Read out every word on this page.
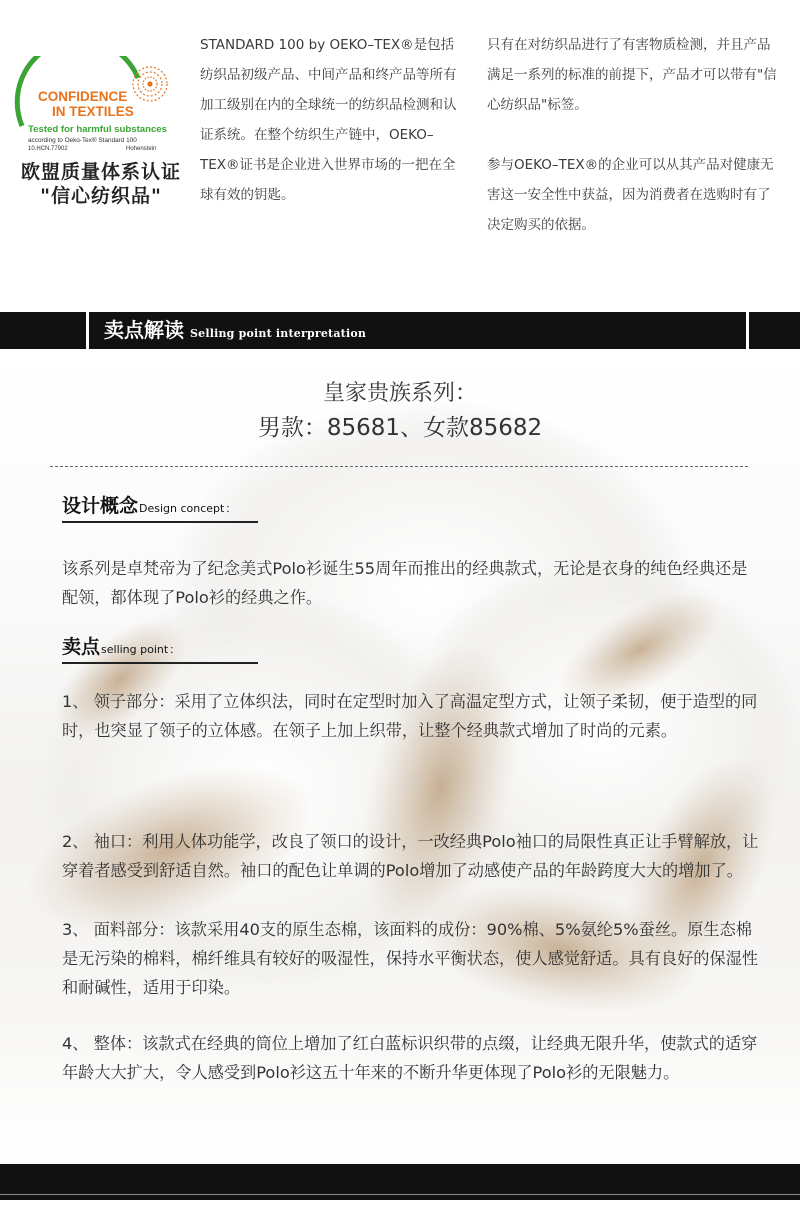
CONFIDENCE
IN TEXTILES
Tested for harmful substances
according to Oeko-Tex® Standard 100
10.HCN.77902	Hohenstein
欧盟质量体系认证
"信心纺织品"
STANDARD 100 by OEKO–TEX®是包括纺织品初级产品、中间产品和终产品等所有加工级别在内的全球统一的纺织品检测和认证系统。在整个纺织生产链中，OEKO–TEX®证书是企业进入世界市场的一把在全球有效的钥匙。

只有在对纺织品进行了有害物质检测，并且产品满足一系列的标准的前提下，产品才可以带有"信心纺织品"标签。

参与OEKO–TEX®的企业可以从其产品对健康无害这一安全性中获益，因为消费者在选购时有了决定购买的依据。

卖点解读 Selling point interpretation
皇家贵族系列：
男款：85681、女款85682
设计概念Design concept：
该系列是卓梵帝为了纪念美式Polo衫诞生55周年而推出的经典款式，无论是衣身的纯色经典还是配领，都体现了Polo衫的经典之作。
卖点selling point：
1、 领子部分：采用了立体织法，同时在定型时加入了高温定型方式，让领子柔韧，便于造型的同时，也突显了领子的立体感。在领子上加上织带，让整个经典款式增加了时尚的元素。
2、 袖口：利用人体功能学，改良了领口的设计，一改经典Polo袖口的局限性真正让手臂解放，让穿着者感受到舒适自然。袖口的配色让单调的Polo增加了动感使产品的年龄跨度大大的增加了。
3、 面料部分：该款采用40支的原生态棉，该面料的成份：90%棉、5%氨纶5%蚕丝。原生态棉是无污染的棉料，棉纤维具有较好的吸湿性，保持水平衡状态，使人感觉舒适。具有良好的保湿性和耐碱性，适用于印染。
4、 整体：该款式在经典的筒位上增加了红白蓝标识织带的点缀，让经典无限升华，使款式的适穿年龄大大扩大，令人感受到Polo衫这五十年来的不断升华更体现了Polo衫的无限魅力。
